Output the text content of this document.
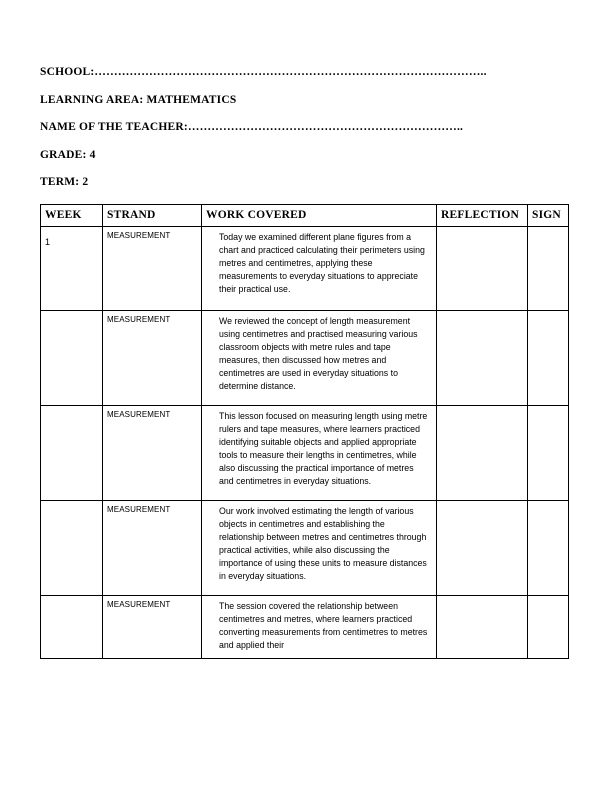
SCHOOL:………………………………………………………………………………………..
LEARNING AREA: MATHEMATICS
NAME OF THE TEACHER:……………………………………………………………..
GRADE: 4
TERM: 2
WEEK	STRAND	WORK COVERED	REFLECTION	SIGN
1	MEASUREMENT	Today we examined different plane figures from a chart and practiced calculating their perimeters using metres and centimetres, applying these measurements to everyday situations to appreciate their practical use.		
	MEASUREMENT	We reviewed the concept of length measurement using centimetres and practised measuring various classroom objects with metre rules and tape measures, then discussed how metres and centimetres are used in everyday situations to determine distance.		
	MEASUREMENT	This lesson focused on measuring length using metre rulers and tape measures, where learners practiced identifying suitable objects and applied appropriate tools to measure their lengths in centimetres, while also discussing the practical importance of metres and centimetres in everyday situations.		
	MEASUREMENT	Our work involved estimating the length of various objects in centimetres and establishing the relationship between metres and centimetres through practical activities, while also discussing the importance of using these units to measure distances in everyday situations.		
	MEASUREMENT	The session covered the relationship between centimetres and metres, where learners practiced converting measurements from centimetres to metres and applied their		
